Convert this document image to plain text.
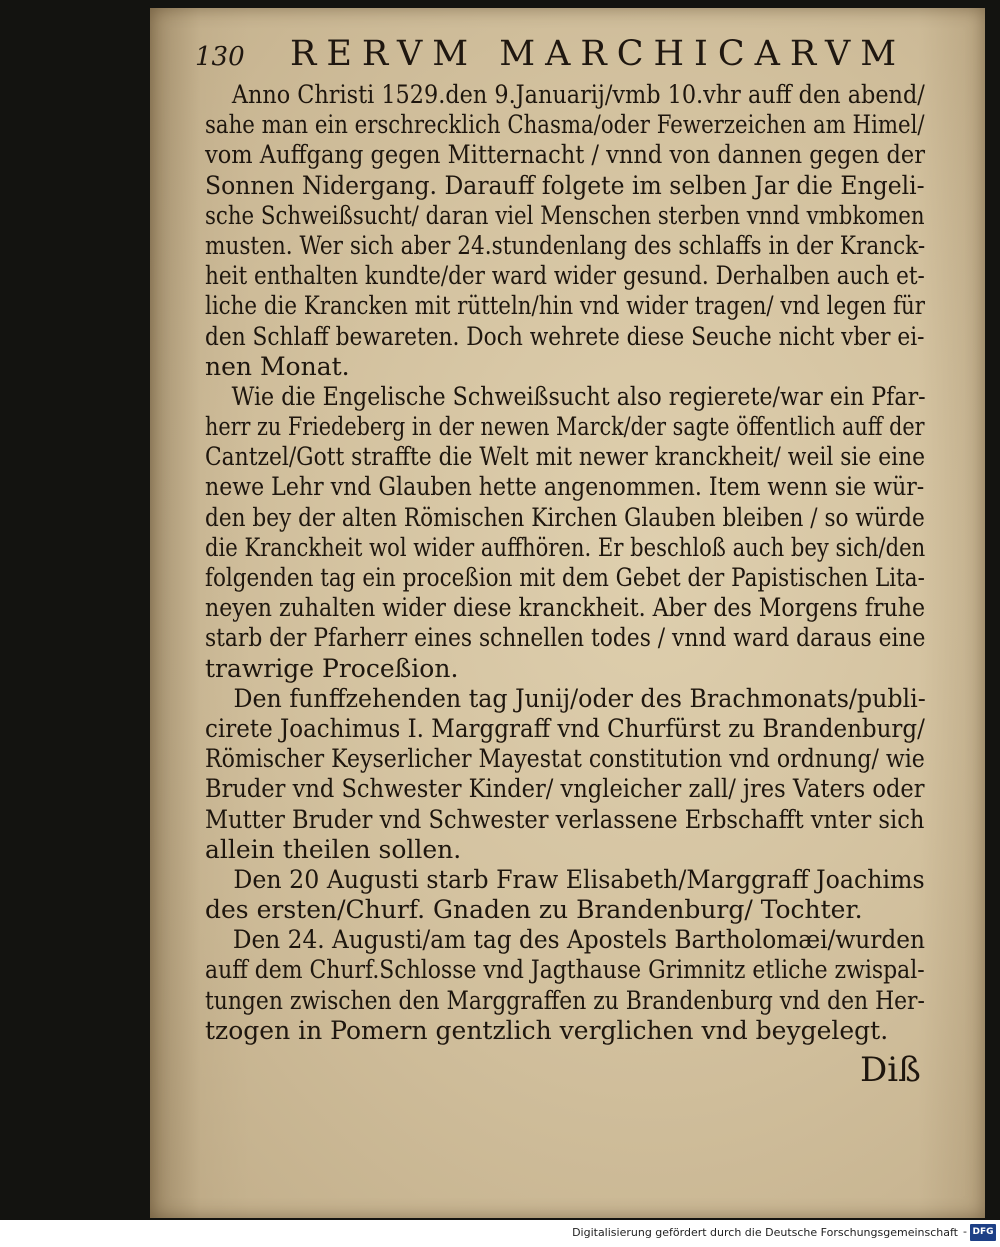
130 RERVM MARCHICARVM
Anno Christi 1529.den 9.Januarij/vmb 10.vhr auff den abend/
sahe man ein erschrecklich Chasma/oder Fewerzeichen am Himel/
vom Auffgang gegen Mitternacht / vnnd von dannen gegen der
Sonnen Nidergang. Darauff folgete im selben Jar die Engeli-
sche Schweißsucht/ daran viel Menschen sterben vnnd vmbkomen
musten. Wer sich aber 24.stundenlang des schlaffs in der Kranck-
heit enthalten kundte/der ward wider gesund. Derhalben auch et-
liche die Krancken mit rütteln/hin vnd wider tragen/ vnd legen für
den Schlaff bewareten. Doch wehrete diese Seuche nicht vber ei-
nen Monat.
Wie die Engelische Schweißsucht also regierete/war ein Pfar-
herr zu Friedeberg in der newen Marck/der sagte öffentlich auff der
Cantzel/Gott straffte die Welt mit newer kranckheit/ weil sie eine
newe Lehr vnd Glauben hette angenommen. Item wenn sie wür-
den bey der alten Römischen Kirchen Glauben bleiben / so würde
die Kranckheit wol wider auffhören. Er beschloß auch bey sich/den
folgenden tag ein proceßion mit dem Gebet der Papistischen Lita-
neyen zuhalten wider diese kranckheit. Aber des Morgens fruhe
starb der Pfarherr eines schnellen todes / vnnd ward daraus eine
trawrige Proceßion.
Den funffzehenden tag Junij/oder des Brachmonats/publi-
cirete Joachimus I. Marggraff vnd Churfürst zu Brandenburg/
Römischer Keyserlicher Mayestat constitution vnd ordnung/ wie
Bruder vnd Schwester Kinder/ vngleicher zall/ jres Vaters oder
Mutter Bruder vnd Schwester verlassene Erbschafft vnter sich
allein theilen sollen.
Den 20 Augusti starb Fraw Elisabeth/Marggraff Joachims
des ersten/Churf. Gnaden zu Brandenburg/ Tochter.
Den 24. Augusti/am tag des Apostels Bartholomæi/wurden
auff dem Churf.Schlosse vnd Jagthause Grimnitz etliche zwispal-
tungen zwischen den Marggraffen zu Brandenburg vnd den Her-
tzogen in Pomern gentzlich verglichen vnd beygelegt.
Diß
Digitalisierung gefördert durch die Deutsche Forschungsgemeinschaft - DFG
